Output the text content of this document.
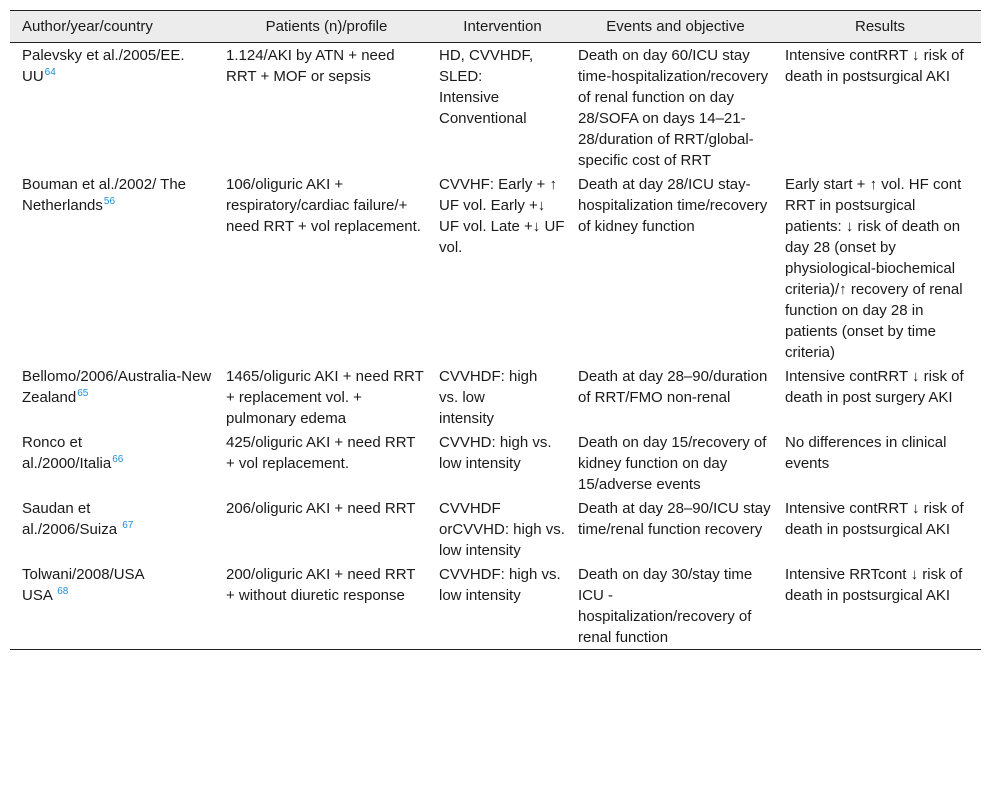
Author/year/country	Patients (n)/profile	Intervention	Events and objective	Results
Palevsky et al./2005/EE. UU$^{64}$	1.124/AKI by ATN + need RRT + MOF or sepsis	HD, CVVHDF, SLED: Intensive Conventional	Death on day 60/ICU stay time-hospitalization/recovery of renal function on day 28/SOFA on days 14–21-28/duration of RRT/global-specific cost of RRT	Intensive contRRT ↓ risk of death in postsurgical AKI
Bouman et al./2002/ The Netherlands$^{56}$	106/oliguric AKI + respiratory/cardiac failure/+ need RRT + vol replacement.	CVVHF: Early + ↑ UF vol. Early +↓ UF vol. Late +↓ UF vol.	Death at day 28/ICU stay-hospitalization time/recovery of kidney function	Early start + ↑ vol. HF cont RRT in postsurgical patients: ↓ risk of death on day 28 (onset by physiological-biochemical criteria)/↑ recovery of renal function on day 28 in patients (onset by time criteria)
Bellomo/2006/Australia-New Zealand$^{65}$	1465/oliguric AKI + need RRT + replacement vol. + pulmonary edema	CVVHDF: high vs. low intensity	Death at day 28–90/duration of RRT/FMO non-renal	Intensive contRRT ↓ risk of death in post surgery AKI
Ronco et al./2000/Italia$^{66}$	425/oliguric AKI + need RRT + vol replacement.	CVVHD: high vs. low intensity	Death on day 15/recovery of kidney function on day 15/adverse events	No differences in clinical events
Saudan et al./2006/Suiza $^{67}$	206/oliguric AKI + need RRT	CVVHDF orCVVHD: high vs. low intensity	Death at day 28–90/ICU stay time/renal function recovery	Intensive contRRT ↓ risk of death in postsurgical AKI
Tolwani/2008/USA USA $^{68}$	200/oliguric AKI + need RRT + without diuretic response	CVVHDF: high vs. low intensity	Death on day 30/stay time ICU - hospitalization/recovery of renal function	Intensive RRTcont ↓ risk of death in postsurgical AKI
